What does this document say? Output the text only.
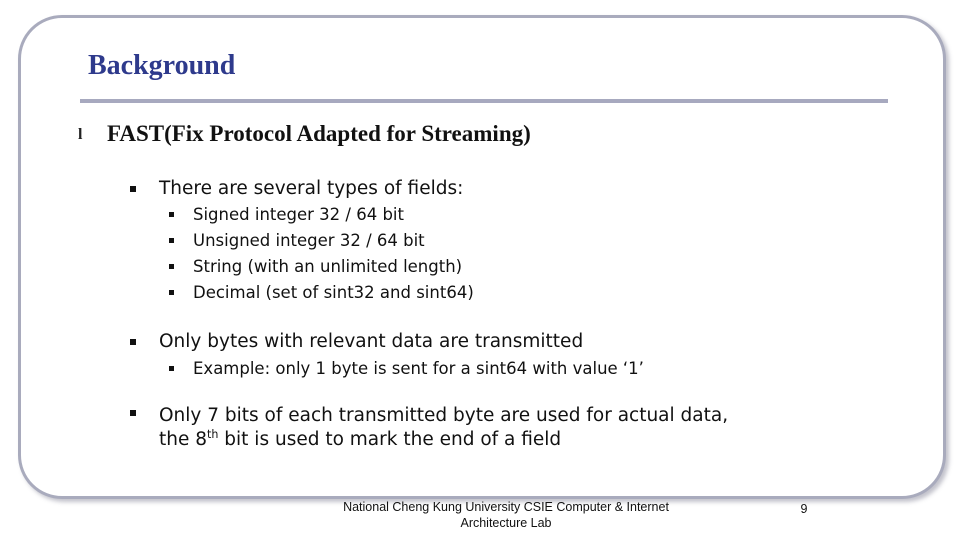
Background
l FAST(Fix Protocol Adapted for Streaming)
There are several types of fields:
Signed integer 32 / 64 bit
Unsigned integer 32 / 64 bit
String (with an unlimited length)
Decimal (set of sint32 and sint64)
Only bytes with relevant data are transmitted
Example: only 1 byte is sent for a sint64 with value ‘1’
Only 7 bits of each transmitted byte are used for actual data,
the 8th bit is used to mark the end of a field
National Cheng Kung University CSIE Computer & Internet
Architecture Lab
9
